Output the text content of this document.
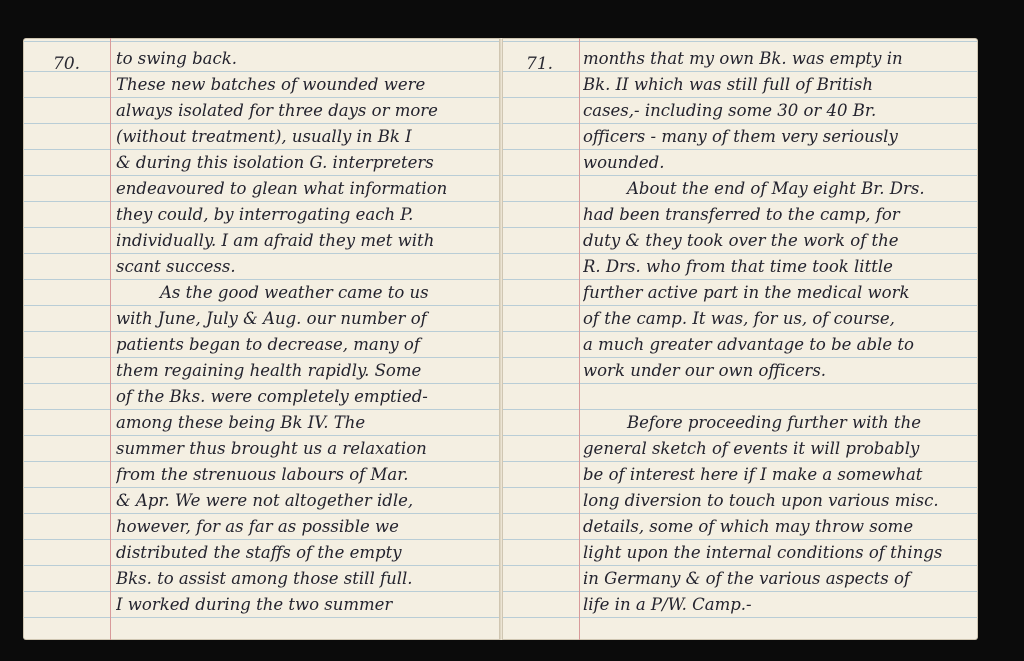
70. to swing back.
These new batches of wounded were
always isolated for three days or more
(without treatment), usually in Bk I
& during this isolation G. interpreters
endeavoured to glean what information
they could, by interrogating each P.
individually. I am afraid they met with
scant success.
As the good weather came to us
with June, July & Aug. our number of
patients began to decrease, many of
them regaining health rapidly. Some
of the Bks. were completely emptied-
among these being Bk IV. The
summer thus brought us a relaxation
from the strenuous labours of Mar.
& Apr. We were not altogether idle,
however, for as far as possible we
distributed the staffs of the empty
Bks. to assist among those still full.
I worked during the two summer
71. months that my own Bk. was empty in
Bk. II which was still full of British
cases,- including some 30 or 40 Br.
officers - many of them very seriously
wounded.
About the end of May eight Br. Drs.
had been transferred to the camp, for
duty & they took over the work of the
R. Drs. who from that time took little
further active part in the medical work
of the camp. It was, for us, of course,
a much greater advantage to be able to
work under our own officers.
Before proceeding further with the
general sketch of events it will probably
be of interest here if I make a somewhat
long diversion to touch upon various misc.
details, some of which may throw some
light upon the internal conditions of things
in Germany & of the various aspects of
life in a P/W. Camp.-
